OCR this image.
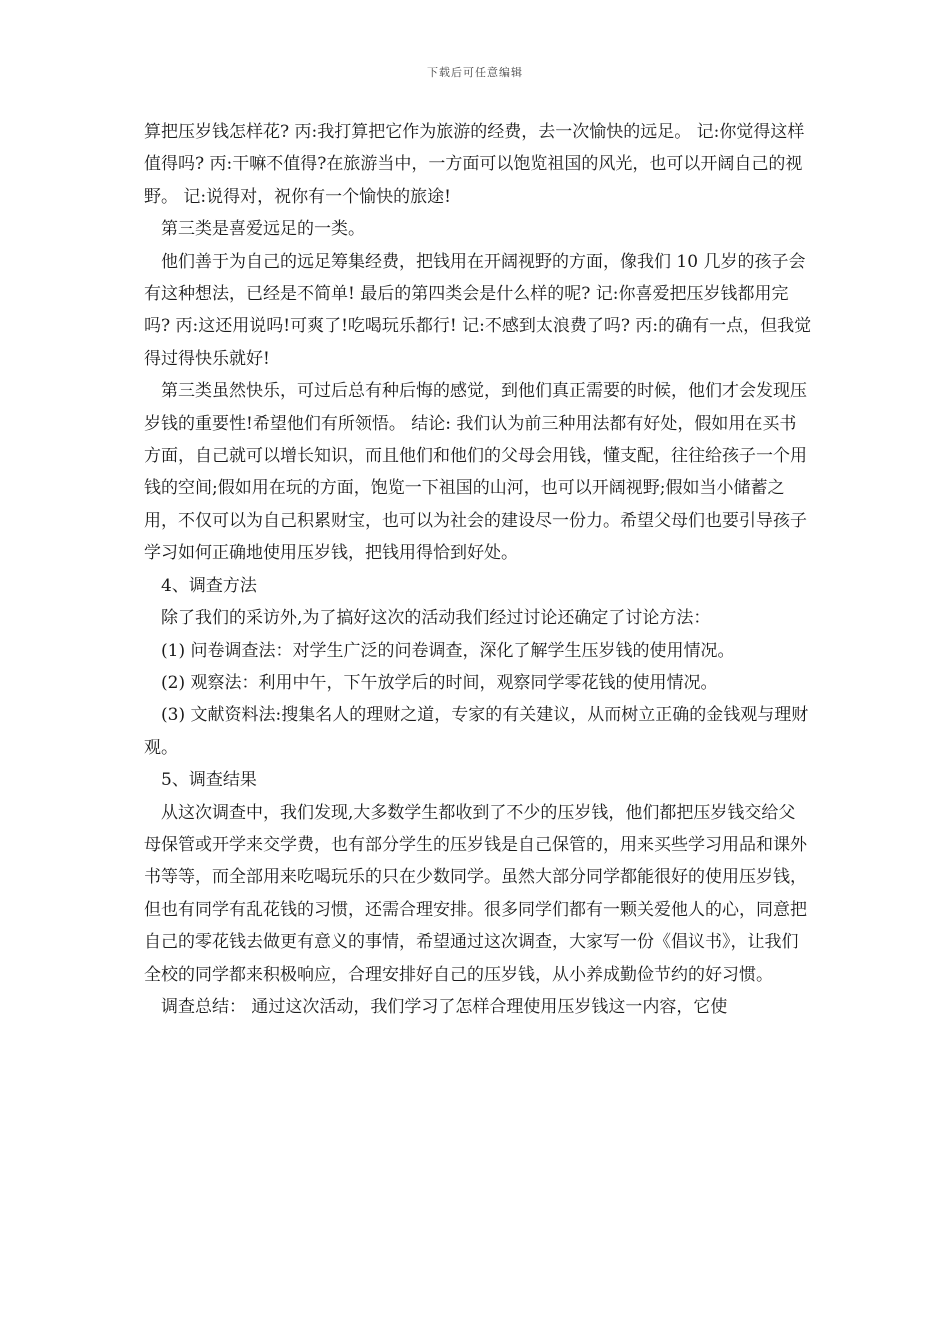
下载后可任意编辑

算把压岁钱怎样花? 丙:我打算把它作为旅游的经费，去一次愉快的远足。 记:你觉得这样值得吗? 丙:干嘛不值得?在旅游当中，一方面可以饱览祖国的风光，也可以开阔自己的视野。 记:说得对，祝你有一个愉快的旅途!

第三类是喜爱远足的一类。

他们善于为自己的远足筹集经费，把钱用在开阔视野的方面，像我们 10 几岁的孩子会有这种想法，已经是不简单! 最后的第四类会是什么样的呢? 记:你喜爱把压岁钱都用完吗? 丙:这还用说吗!可爽了!吃喝玩乐都行! 记:不感到太浪费了吗? 丙:的确有一点，但我觉得过得快乐就好!

第三类虽然快乐，可过后总有种后悔的感觉，到他们真正需要的时候，他们才会发现压岁钱的重要性!希望他们有所领悟。 结论: 我们认为前三种用法都有好处，假如用在买书方面，自己就可以增长知识，而且他们和他们的父母会用钱，懂支配，往往给孩子一个用钱的空间;假如用在玩的方面，饱览一下祖国的山河，也可以开阔视野;假如当小储蓄之用，不仅可以为自己积累财宝，也可以为社会的建设尽一份力。希望父母们也要引导孩子学习如何正确地使用压岁钱，把钱用得恰到好处。

4、调查方法

除了我们的采访外,为了搞好这次的活动我们经过讨论还确定了讨论方法：

(1) 问卷调查法：对学生广泛的问卷调查，深化了解学生压岁钱的使用情况。

(2) 观察法：利用中午，下午放学后的时间，观察同学零花钱的使用情况。

(3) 文献资料法:搜集名人的理财之道，专家的有关建议，从而树立正确的金钱观与理财观。

5、调查结果

从这次调查中，我们发现,大多数学生都收到了不少的压岁钱，他们都把压岁钱交给父母保管或开学来交学费，也有部分学生的压岁钱是自己保管的，用来买些学习用品和课外书等等，而全部用来吃喝玩乐的只在少数同学。虽然大部分同学都能很好的使用压岁钱，但也有同学有乱花钱的习惯，还需合理安排。很多同学们都有一颗关爱他人的心，同意把自己的零花钱去做更有意义的事情，希望通过这次调查，大家写一份《倡议书》，让我们全校的同学都来积极响应，合理安排好自己的压岁钱，从小养成勤俭节约的好习惯。

调查总结： 通过这次活动，我们学习了怎样合理使用压岁钱这一内容，它使
